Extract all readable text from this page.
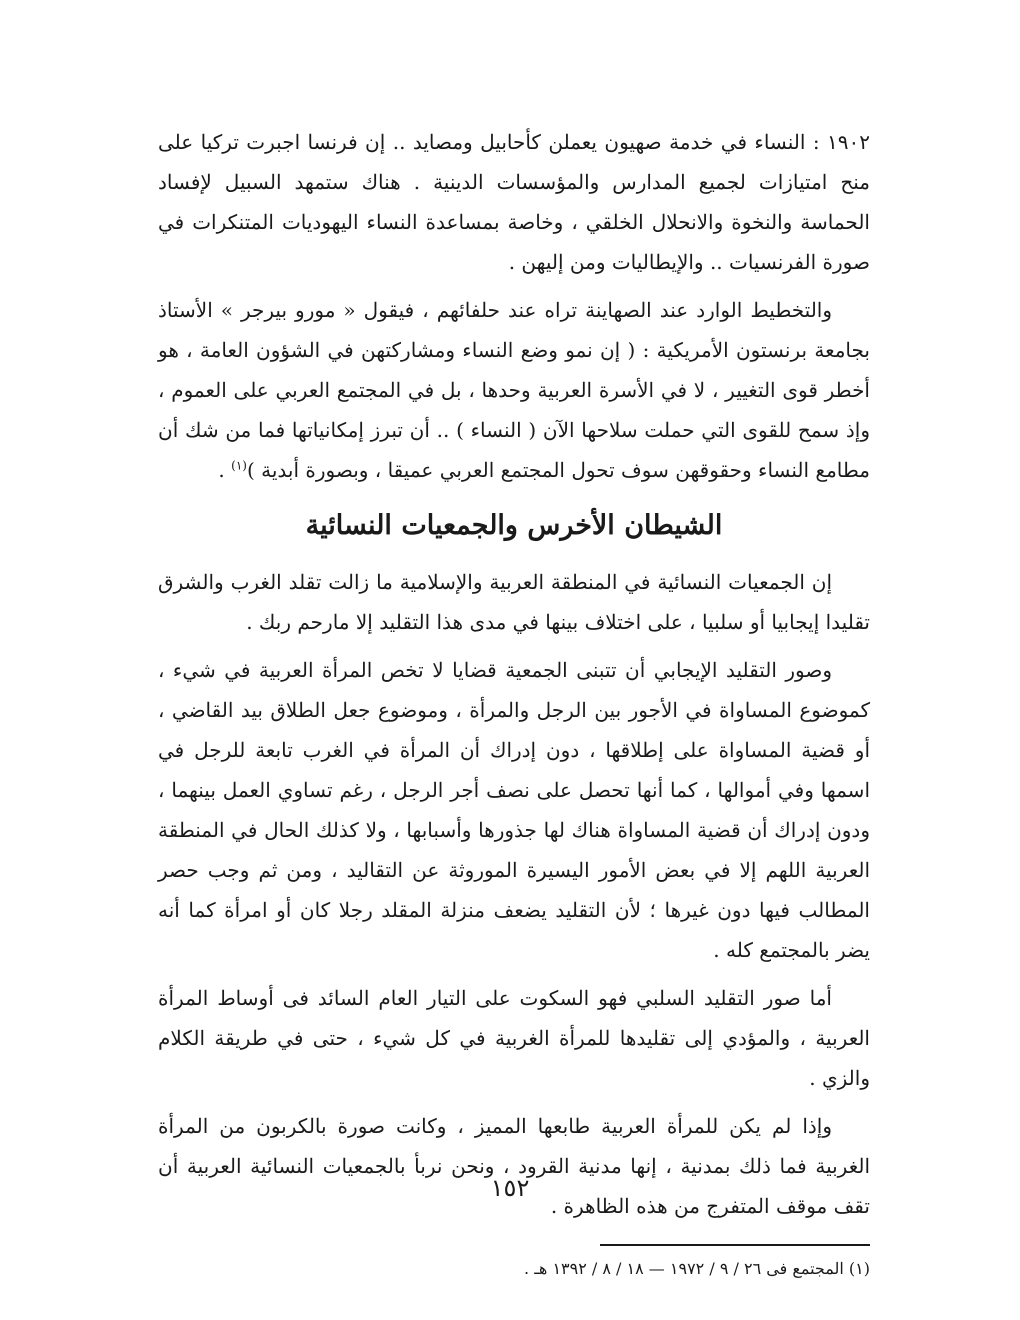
١٩٠٢ : النساء في خدمة صهيون يعملن كأحابيل ومصايد .. إن فرنسا اجبرت تركيا على منح امتيازات لجميع المدارس والمؤسسات الدينية . هناك ستمهد السبيل لإفساد الحماسة والنخوة والانحلال الخلقي ، وخاصة بمساعدة النساء اليهوديات المتنكرات في صورة الفرنسيات .. والإيطاليات ومن إليهن .

والتخطيط الوارد عند الصهاينة تراه عند حلفائهم ، فيقول « مورو بيرجر » الأستاذ بجامعة برنستون الأمريكية : ( إن نمو وضع النساء ومشاركتهن في الشؤون العامة ، هو أخطر قوى التغيير ، لا في الأسرة العربية وحدها ، بل في المجتمع العربي على العموم ، وإذ سمح للقوى التي حملت سلاحها الآن ( النساء ) .. أن تبرز إمكانياتها فما من شك أن مطامع النساء وحقوقهن سوف تحول المجتمع العربي عميقا ، وبصورة أبدية )$^{(١)}$ .

الشيطان الأخرس والجمعيات النسائية

إن الجمعيات النسائية في المنطقة العربية والإسلامية ما زالت تقلد الغرب والشرق تقليدا إيجابيا أو سلبيا ، على اختلاف بينها في مدى هذا التقليد إلا مارحم ربك .

وصور التقليد الإيجابي أن تتبنى الجمعية قضايا لا تخص المرأة العربية في شيء ، كموضوع المساواة في الأجور بين الرجل والمرأة ، وموضوع جعل الطلاق بيد القاضي ، أو قضية المساواة على إطلاقها ، دون إدراك أن المرأة في الغرب تابعة للرجل في اسمها وفي أموالها ، كما أنها تحصل على نصف أجر الرجل ، رغم تساوي العمل بينهما ، ودون إدراك أن قضية المساواة هناك لها جذورها وأسبابها ، ولا كذلك الحال في المنطقة العربية اللهم إلا في بعض الأمور اليسيرة الموروثة عن التقاليد ، ومن ثم وجب حصر المطالب فيها دون غيرها ؛ لأن التقليد يضعف منزلة المقلد رجلا كان أو امرأة كما أنه يضر بالمجتمع كله .

أما صور التقليد السلبي فهو السكوت على التيار العام السائد فى أوساط المرأة العربية ، والمؤدي إلى تقليدها للمرأة الغربية في كل شيء ، حتى في طريقة الكلام والزي .

وإذا لم يكن للمرأة العربية طابعها المميز ، وكانت صورة بالكربون من المرأة الغربية فما ذلك بمدنية ، إنها مدنية القرود ، ونحن نربأ بالجمعيات النسائية العربية أن تقف موقف المتفرج من هذه الظاهرة .

(١) المجتمع فى ٢٦ / ٩ / ١٩٧٢ — ١٨ / ٨ / ١٣٩٢ هـ .

١٥٢
